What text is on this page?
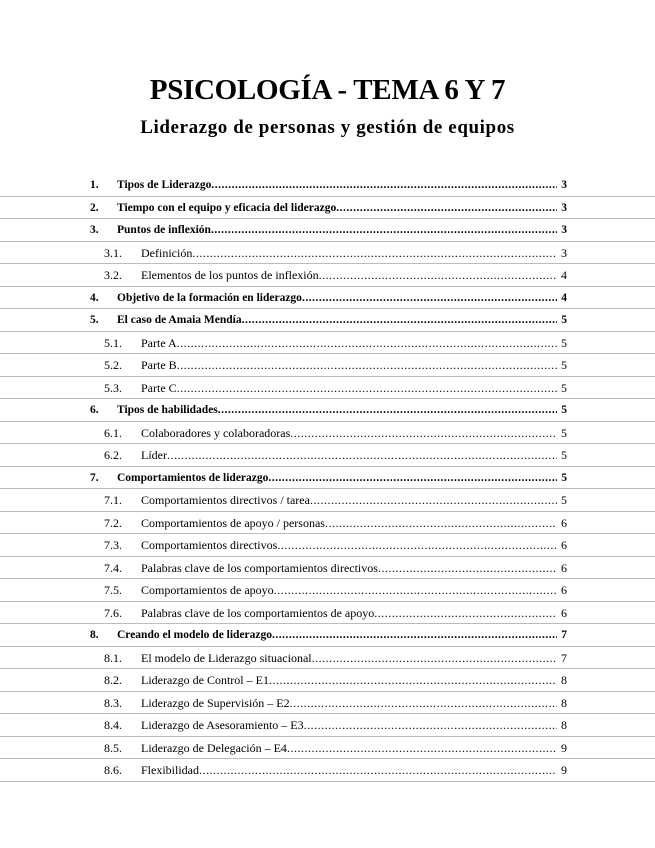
PSICOLOGÍA - TEMA 6 Y 7
Liderazgo de personas y gestión de equipos
1. Tipos de Liderazgo .....	3
2. Tiempo con el equipo y eficacia del liderazgo .....	3
3. Puntos de inflexión .....	3
3.1. Definición .....	3
3.2. Elementos de los puntos de inflexión .....	4
4. Objetivo de la formación en liderazgo .....	4
5. El caso de Amaia Mendía .....	5
5.1. Parte A .....	5
5.2. Parte B .....	5
5.3. Parte C .....	5
6. Tipos de habilidades .....	5
6.1. Colaboradores y colaboradoras .....	5
6.2. Líder .....	5
7. Comportamientos de liderazgo .....	5
7.1. Comportamientos directivos / tarea .....	5
7.2. Comportamientos de apoyo / personas .....	6
7.3. Comportamientos directivos .....	6
7.4. Palabras clave de los comportamientos directivos .....	6
7.5. Comportamientos de apoyo .....	6
7.6. Palabras clave de los comportamientos de apoyo .....	6
8. Creando el modelo de liderazgo .....	7
8.1. El modelo de Liderazgo situacional .....	7
8.2. Liderazgo de Control – E1 .....	8
8.3. Liderazgo de Supervisión – E2 .....	8
8.4. Liderazgo de Asesoramiento – E3 .....	8
8.5. Liderazgo de Delegación – E4 .....	9
8.6. Flexibilidad .....	9
